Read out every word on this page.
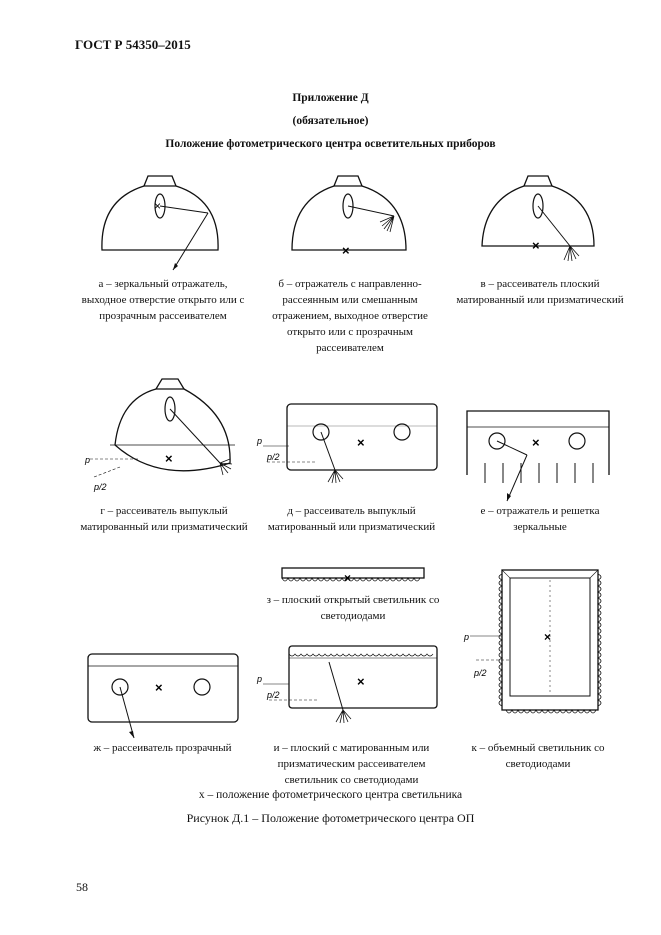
ГОСТ Р 54350–2015
Приложение Д
(обязательное)
Положение фотометрического центра осветительных приборов
×
а – зеркальный отражатель, выходное отверстие открыто или с прозрачным рассеивателем
×
б – отражатель с направленно-рассеянным или смешанным отражением, выходное отверстие открыто или с прозрачным рассеивателем
×
в – рассеиватель плоский матированный или призматический
×
p
p/2
г – рассеиватель выпуклый матированный или призматический
×
p
p/2
д – рассеиватель выпуклый матированный или призматический
×
е – отражатель и решетка зеркальные
×
з – плоский открытый светильник со светодиодами
×
p
p/2
×
ж – рассеиватель прозрачный
×
p
p/2
и – плоский с матированным или призматическим рассеивателем светильник со светодиодами
к – объемный светильник со светодиодами
х – положение фотометрического центра светильника
Рисунок Д.1 – Положение фотометрического центра ОП
58
